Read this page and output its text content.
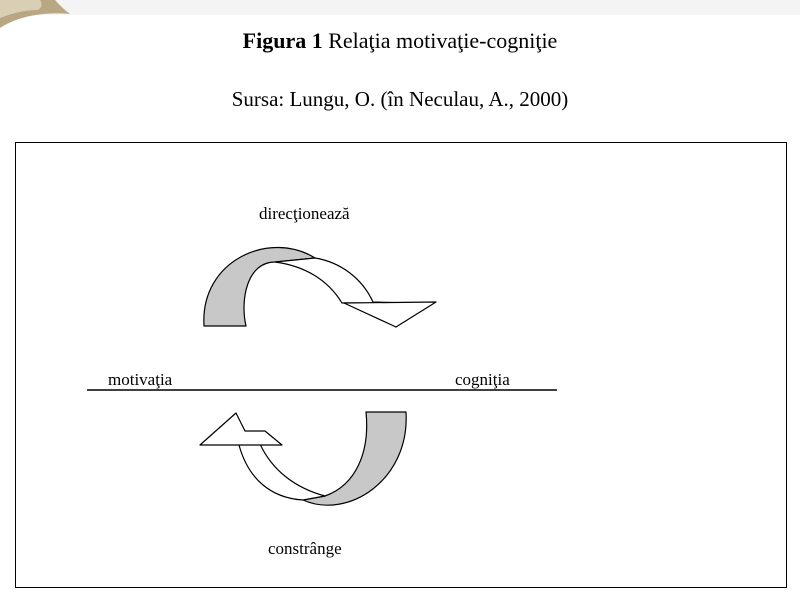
Figura 1 Relaţia motivaţie-cogniţie
Sursa: Lungu, O. (în Neculau, A., 2000)
direcţionează
motivaţia	cogniţia
constrânge
